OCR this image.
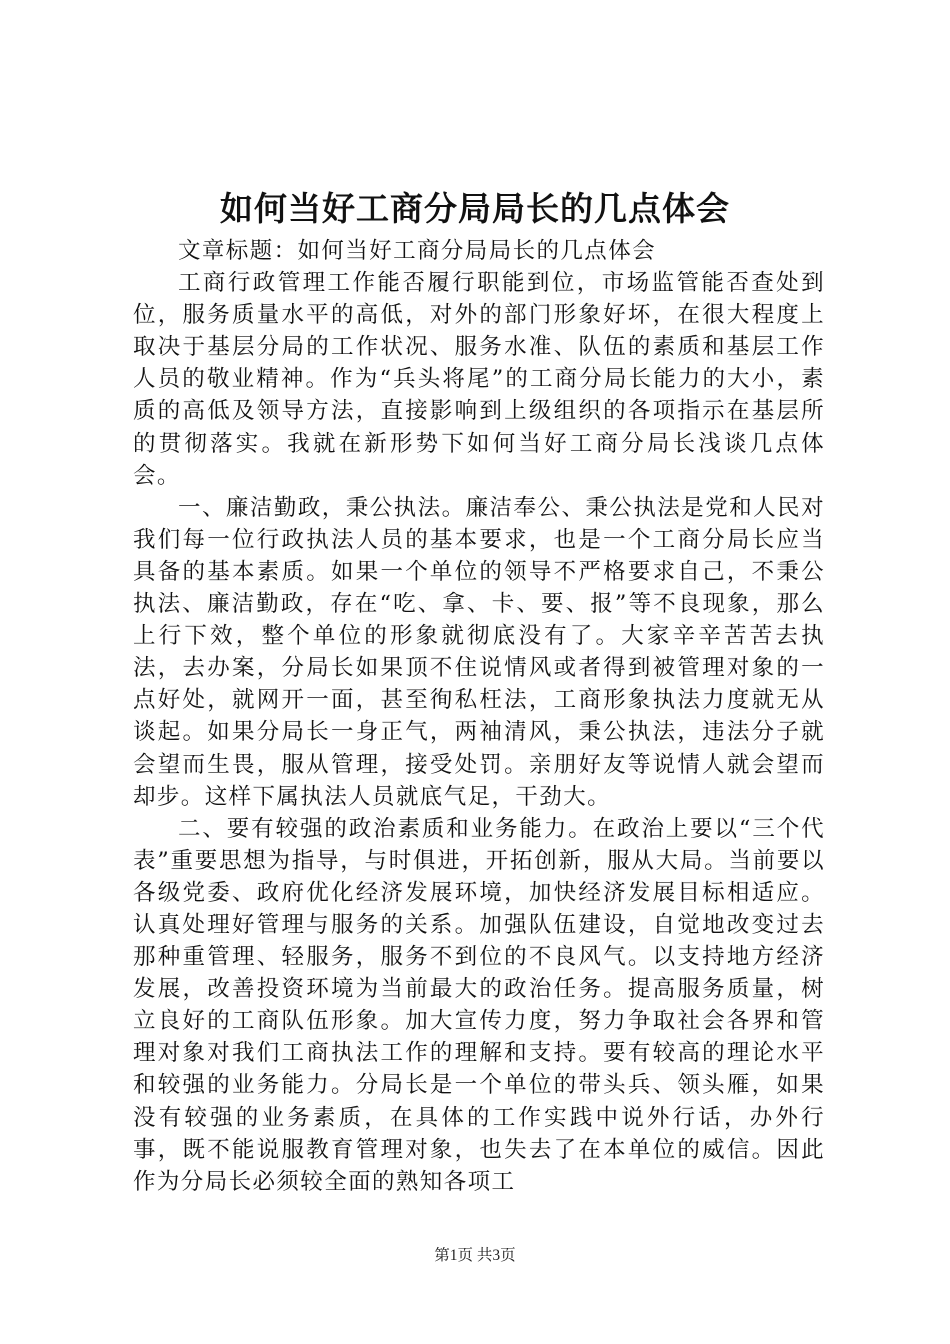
如何当好工商分局局长的几点体会

文章标题：如何当好工商分局局长的几点体会

工商行政管理工作能否履行职能到位，市场监管能否查处到位，服务质量水平的高低，对外的部门形象好坏，在很大程度上取决于基层分局的工作状况、服务水准、队伍的素质和基层工作人员的敬业精神。作为“兵头将尾”的工商分局长能力的大小，素质的高低及领导方法，直接影响到上级组织的各项指示在基层所的贯彻落实。我就在新形势下如何当好工商分局长浅谈几点体会。

一、廉洁勤政，秉公执法。廉洁奉公、秉公执法是党和人民对我们每一位行政执法人员的基本要求，也是一个工商分局长应当具备的基本素质。如果一个单位的领导不严格要求自己，不秉公执法、廉洁勤政，存在“吃、拿、卡、要、报”等不良现象，那么上行下效，整个单位的形象就彻底没有了。大家辛辛苦苦去执法，去办案，分局长如果顶不住说情风或者得到被管理对象的一点好处，就网开一面，甚至徇私枉法，工商形象执法力度就无从谈起。如果分局长一身正气，两袖清风，秉公执法，违法分子就会望而生畏，服从管理，接受处罚。亲朋好友等说情人就会望而却步。这样下属执法人员就底气足，干劲大。

二、要有较强的政治素质和业务能力。在政治上要以“三个代表”重要思想为指导，与时俱进，开拓创新，服从大局。当前要以各级党委、政府优化经济发展环境，加快经济发展目标相适应。认真处理好管理与服务的关系。加强队伍建设，自觉地改变过去那种重管理、轻服务，服务不到位的不良风气。以支持地方经济发展，改善投资环境为当前最大的政治任务。提高服务质量，树立良好的工商队伍形象。加大宣传力度，努力争取社会各界和管理对象对我们工商执法工作的理解和支持。要有较高的理论水平和较强的业务能力。分局长是一个单位的带头兵、领头雁，如果没有较强的业务素质，在具体的工作实践中说外行话，办外行事，既不能说服教育管理对象，也失去了在本单位的威信。因此作为分局长必须较全面的熟知各项工

第1页 共3页
